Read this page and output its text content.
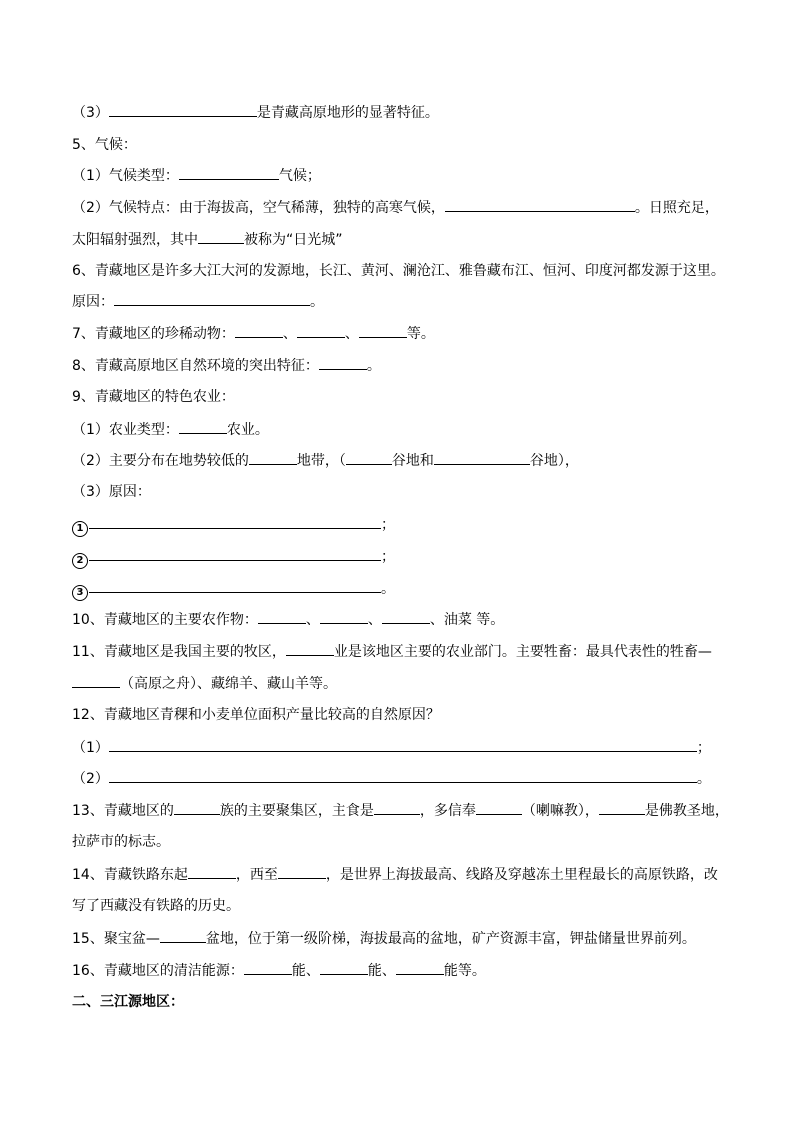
（3）	是青藏高原地形的显著特征。
5、气候：
（1）气候类型：	气候；
（2）气候特点：由于海拔高，空气稀薄，独特的高寒气候，	。日照充足，
太阳辐射强烈，其中	被称为“日光城”
6、青藏地区是许多大江大河的发源地，长江、黄河、澜沧江、雅鲁藏布江、恒河、印度河都发源于这里。
原因：	。
7、青藏地区的珍稀动物：	、	、	等。
8、青藏高原地区自然环境的突出特征：	。
9、青藏地区的特色农业：
（1）农业类型：	农业。
（2）主要分布在地势较低的	地带，（	谷地和	谷地），
（3）原因：
1	；
2	；
3	。
10、青藏地区的主要农作物：	、	、	、油菜 等。
11、青藏地区是我国主要的牧区，	业是该地区主要的农业部门。主要牲畜：最具代表性的牲畜—
（高原之舟）、藏绵羊、藏山羊等。
12、青藏地区青稞和小麦单位面积产量比较高的自然原因？
（1）	；
（2）	。
13、青藏地区的	族的主要聚集区，主食是	，多信奉	（喇嘛教），	是佛教圣地，
拉萨市的标志。
14、青藏铁路东起	，西至	，是世界上海拔最高、线路及穿越冻土里程最长的高原铁路，改
写了西藏没有铁路的历史。
15、聚宝盆—	盆地，位于第一级阶梯，海拔最高的盆地，矿产资源丰富，钾盐储量世界前列。
16、青藏地区的清洁能源：	能、	能、	能等。
二、三江源地区：
